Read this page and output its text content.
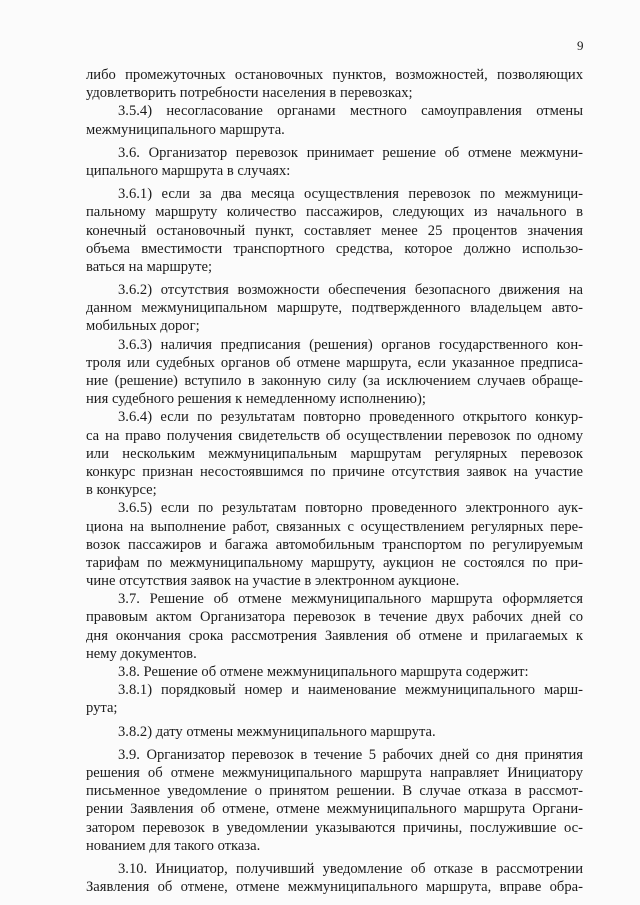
9
либо промежуточных остановочных пунктов, возможностей, позволяющих
удовлетворить потребности населения в перевозках;
3.5.4) несогласование органами местного самоуправления отмены
межмуниципального маршрута.
3.6. Организатор перевозок принимает решение об отмене межмуни-
ципального маршрута в случаях:
3.6.1) если за два месяца осуществления перевозок по межмуници-
пальному маршруту количество пассажиров, следующих из начального в
конечный остановочный пункт, составляет менее 25 процентов значения
объема вместимости транспортного средства, которое должно использо-
ваться на маршруте;
3.6.2) отсутствия возможности обеспечения безопасного движения на
данном межмуниципальном маршруте, подтвержденного владельцем авто-
мобильных дорог;
3.6.3) наличия предписания (решения) органов государственного кон-
троля или судебных органов об отмене маршрута, если указанное предписа-
ние (решение) вступило в законную силу (за исключением случаев обраще-
ния судебного решения к немедленному исполнению);
3.6.4) если по результатам повторно проведенного открытого конкур-
са на право получения свидетельств об осуществлении перевозок по одному
или нескольким межмуниципальным маршрутам регулярных перевозок
конкурс признан несостоявшимся по причине отсутствия заявок на участие
в конкурсе;
3.6.5) если по результатам повторно проведенного электронного аук-
циона на выполнение работ, связанных с осуществлением регулярных пере-
возок пассажиров и багажа автомобильным транспортом по регулируемым
тарифам по межмуниципальному маршруту, аукцион не состоялся по при-
чине отсутствия заявок на участие в электронном аукционе.
3.7. Решение об отмене межмуниципального маршрута оформляется
правовым актом Организатора перевозок в течение двух рабочих дней со
дня окончания срока рассмотрения Заявления об отмене и прилагаемых к
нему документов.
3.8. Решение об отмене межмуниципального маршрута содержит:
3.8.1) порядковый номер и наименование межмуниципального марш-
рута;
3.8.2) дату отмены межмуниципального маршрута.
3.9. Организатор перевозок в течение 5 рабочих дней со дня принятия
решения об отмене межмуниципального маршрута направляет Инициатору
письменное уведомление о принятом решении. В случае отказа в рассмот-
рении Заявления об отмене, отмене межмуниципального маршрута Органи-
затором перевозок в уведомлении указываются причины, послужившие ос-
нованием для такого отказа.
3.10. Инициатор, получивший уведомление об отказе в рассмотрении
Заявления об отмене, отмене межмуниципального маршрута, вправе обра-
